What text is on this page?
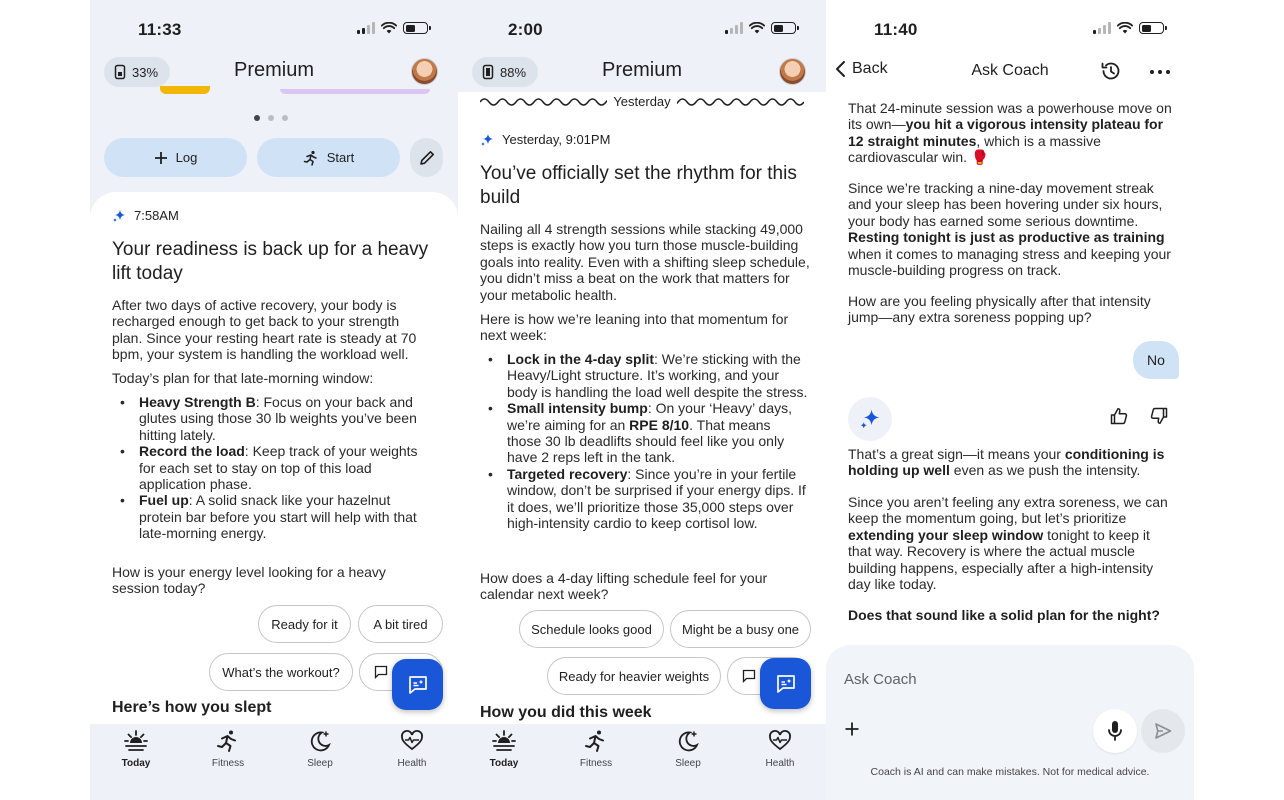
11:33
33%	Premium
Log	Start
7:58AM
Your readiness is back up for a heavy lift today
After two days of active recovery, your body is recharged enough to get back to your strength plan. Since your resting heart rate is steady at 70 bpm, your system is handling the workload well.
Today’s plan for that late-morning window:
• Heavy Strength B: Focus on your back and glutes using those 30 lb weights you’ve been hitting lately.
• Record the load: Keep track of your weights for each set to stay on top of this load application phase.
• Fuel up: A solid snack like your hazelnut protein bar before you start will help with that late-morning energy.
How is your energy level looking for a heavy session today?
Ready for it	A bit tired
What’s the workout?
Here’s how you slept
Today	Fitness	Sleep	Health
2:00
88%	Premium
Yesterday
Yesterday, 9:01PM
You’ve officially set the rhythm for this build
Nailing all 4 strength sessions while stacking 49,000 steps is exactly how you turn those muscle-building goals into reality. Even with a shifting sleep schedule, you didn’t miss a beat on the work that matters for your metabolic health.
Here is how we’re leaning into that momentum for next week:
• Lock in the 4-day split: We’re sticking with the Heavy/Light structure. It’s working, and your body is handling the load well despite the stress.
• Small intensity bump: On your ‘Heavy’ days, we’re aiming for an RPE 8/10. That means those 30 lb deadlifts should feel like you only have 2 reps left in the tank.
• Targeted recovery: Since you’re in your fertile window, don’t be surprised if your energy dips. If it does, we’ll prioritize those 35,000 steps over high-intensity cardio to keep cortisol low.
How does a 4-day lifting schedule feel for your calendar next week?
Schedule looks good	Might be a busy one
Ready for heavier weights
How you did this week
Today	Fitness	Sleep	Health
11:40
Back	Ask Coach
That 24-minute session was a powerhouse move on its own—you hit a vigorous intensity plateau for 12 straight minutes, which is a massive cardiovascular win. 🥊
Since we’re tracking a nine-day movement streak and your sleep has been hovering under six hours, your body has earned some serious downtime. Resting tonight is just as productive as training when it comes to managing stress and keeping your muscle-building progress on track.
How are you feeling physically after that intensity jump—any extra soreness popping up?
No
That’s a great sign—it means your conditioning is holding up well even as we push the intensity.
Since you aren’t feeling any extra soreness, we can keep the momentum going, but let’s prioritize extending your sleep window tonight to keep it that way. Recovery is where the actual muscle building happens, especially after a high-intensity day like today.
Does that sound like a solid plan for the night?
Ask Coach
Coach is AI and can make mistakes. Not for medical advice.
